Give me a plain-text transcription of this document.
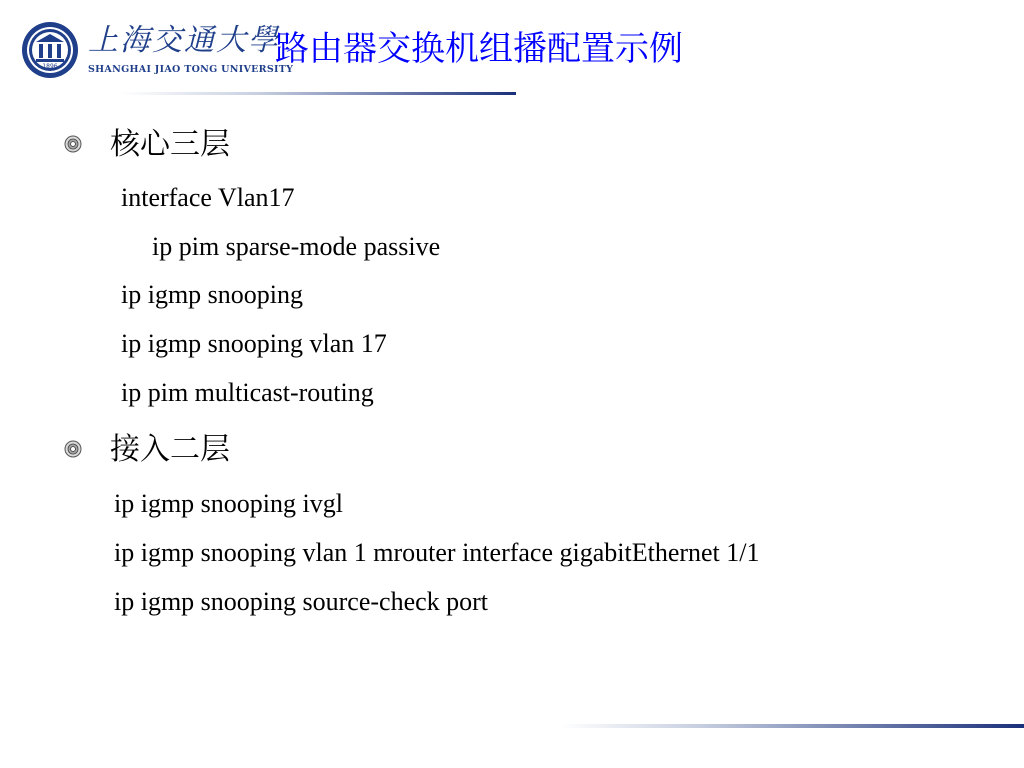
1896
上海交通大學
SHANGHAI JIAO TONG UNIVERSITY
路由器交换机组播配置示例
核心三层
interface Vlan17
ip pim sparse-mode passive
ip igmp snooping
ip igmp snooping vlan 17
ip pim multicast-routing
接入二层
ip igmp snooping ivgl
ip igmp snooping vlan 1 mrouter interface gigabitEthernet 1/1
ip igmp snooping source-check port
